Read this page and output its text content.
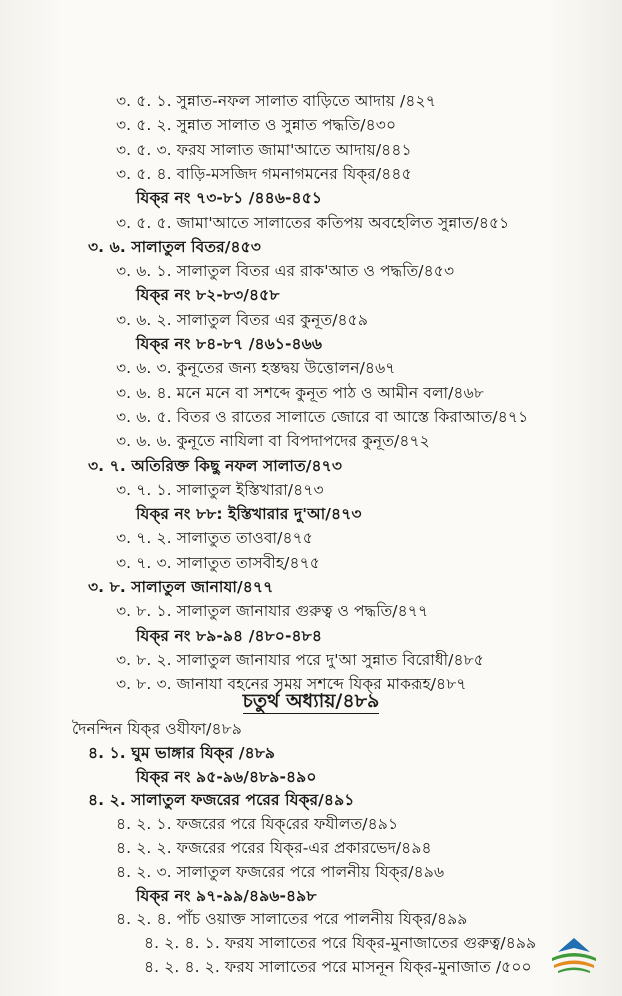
৩. ৫. ১. সুন্নাত-নফল সালাত বাড়িতে আদায় /৪২৭
৩. ৫. ২. সুন্নাত সালাত ও সুন্নাত পদ্ধতি/৪৩০
৩. ৫. ৩. ফরয সালাত জামা'আতে আদায়/৪৪১
৩. ৫. ৪. বাড়ি-মসজিদ গমনাগমনের যিক্‌র/৪৪৫
যিক্‌র নং ৭৩-৮১ /৪৪৬-৪৫১
৩. ৫. ৫. জামা'আতে সালাতের কতিপয় অবহেলিত সুন্নাত/৪৫১
৩. ৬. সালাতুল বিতর/৪৫৩
৩. ৬. ১. সালাতুল বিতর এর রাক'আত ও পদ্ধতি/৪৫৩
যিক্‌র নং ৮২-৮৩/৪৫৮
৩. ৬. ২. সালাতুল বিতর এর কুনূত/৪৫৯
যিক্‌র নং ৮৪-৮৭ /৪৬১-৪৬৬
৩. ৬. ৩. কুনূতের জন্য হস্তদ্বয় উত্তোলন/৪৬৭
৩. ৬. ৪. মনে মনে বা সশব্দে কুনূত পাঠ ও আমীন বলা/৪৬৮
৩. ৬. ৫. বিতর ও রাতের সালাতে জোরে বা আস্তে কিরাআত/৪৭১
৩. ৬. ৬. কুনূতে নাযিলা বা বিপদাপদের কুনূত/৪৭২
৩. ৭. অতিরিক্ত কিছু নফল সালাত/৪৭৩
৩. ৭. ১. সালাতুল ইস্তিখারা/৪৭৩
যিক্‌র নং ৮৮: ইস্তিখারার দু'আ/৪৭৩
৩. ৭. ২. সালাতুত তাওবা/৪৭৫
৩. ৭. ৩. সালাতুত তাসবীহ/৪৭৫
৩. ৮. সালাতুল জানাযা/৪৭৭
৩. ৮. ১. সালাতুল জানাযার গুরুত্ব ও পদ্ধতি/৪৭৭
যিক্‌র নং ৮৯-৯৪ /৪৮০-৪৮৪
৩. ৮. ২. সালাতুল জানাযার পরে দু'আ সুন্নাত বিরোধী/৪৮৫
৩. ৮. ৩. জানাযা বহনের সময় সশব্দে যিক্‌র মাকরূহ/৪৮৭
দৈনন্দিন যিক্‌র ওযীফা/৪৮৯
৪. ১. ঘুম ভাঙ্গার যিক্‌র /৪৮৯
যিক্‌র নং ৯৫-৯৬/৪৮৯-৪৯০
৪. ২. সালাতুল ফজরের পরের যিক্‌র/৪৯১
৪. ২. ১. ফজরের পরে যিক্‌রের ফযীলত/৪৯১
৪. ২. ২. ফজরের পরের যিক্‌র-এর প্রকারভেদ/৪৯৪
৪. ২. ৩. সালাতুল ফজরের পরে পালনীয় যিক্‌র/৪৯৬
যিক্‌র নং ৯৭-৯৯/৪৯৬-৪৯৮
৪. ২. ৪. পাঁচ ওয়াক্ত সালাতের পরে পালনীয় যিক্‌র/৪৯৯
৪. ২. ৪. ১. ফরয সালাতের পরে যিক্‌র-মুনাজাতের গুরুত্ব/৪৯৯
৪. ২. ৪. ২. ফরয সালাতের পরে মাসনূন যিক্‌র-মুনাজাত /৫০০
চতুর্থ অধ্যায়/৪৮৯
